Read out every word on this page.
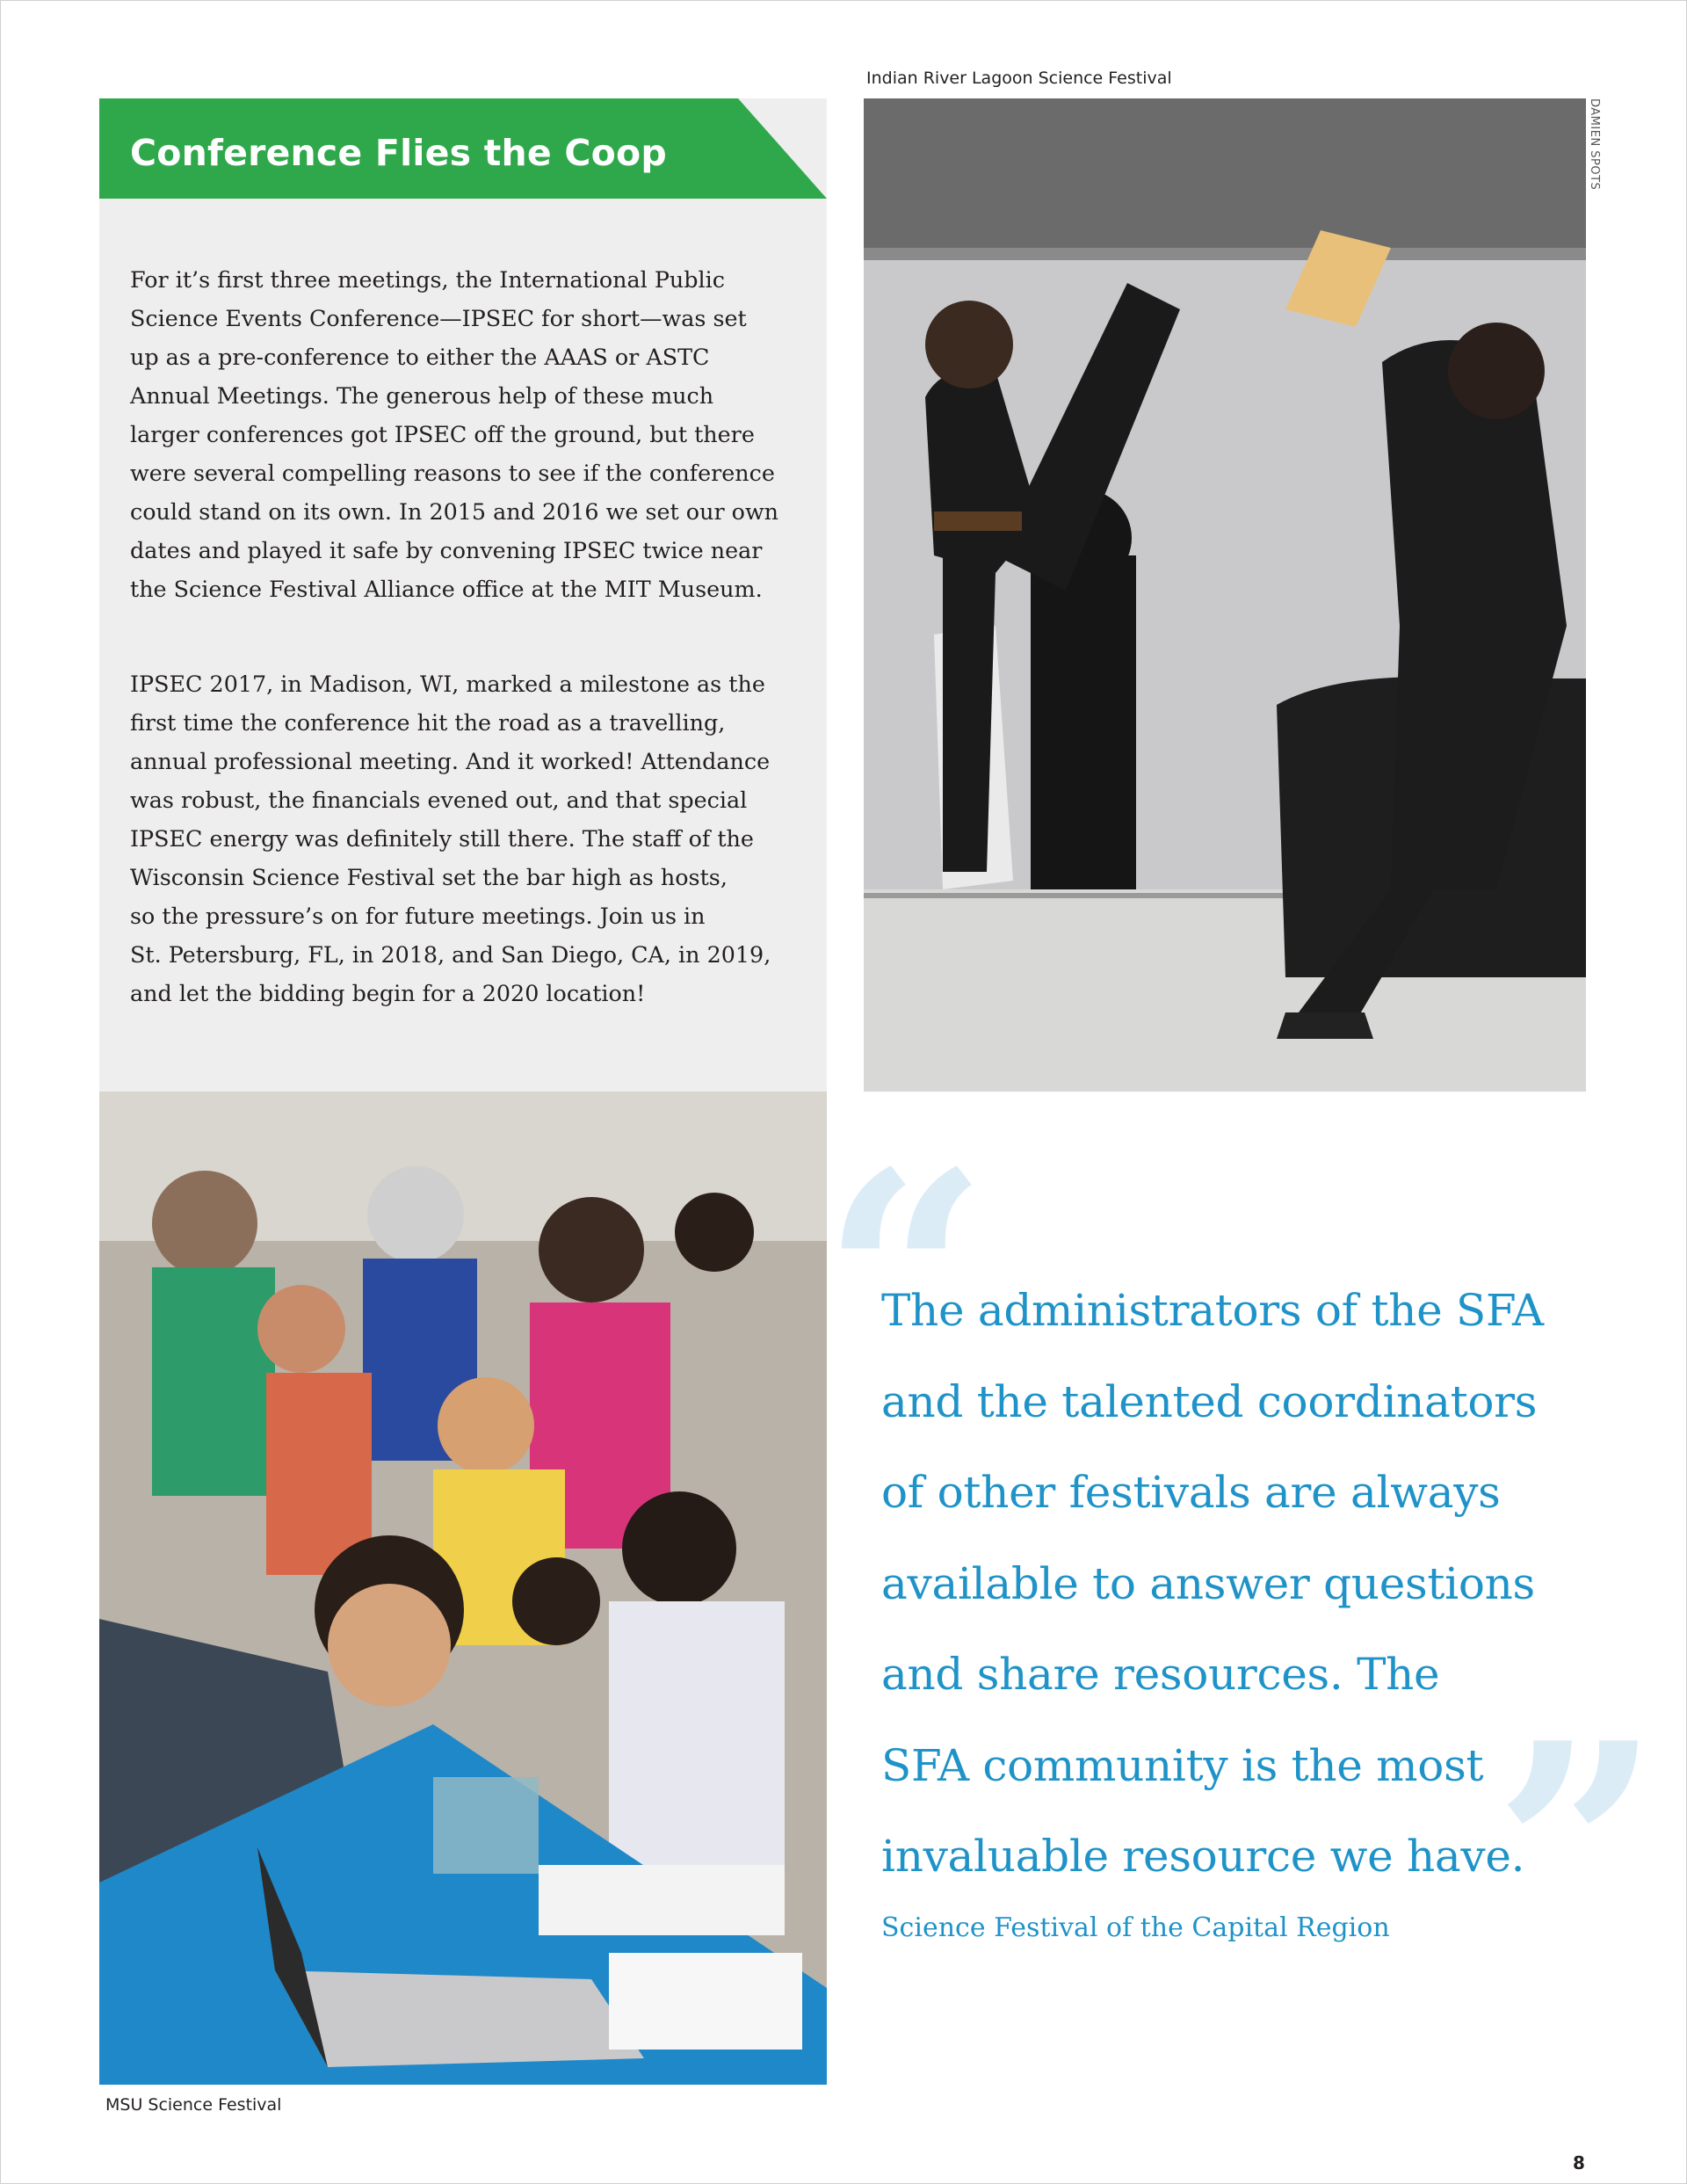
Conference Flies the Coop

For it’s first three meetings, the International Public
Science Events Conference—IPSEC for short—was set
up as a pre-conference to either the AAAS or ASTC
Annual Meetings. The generous help of these much
larger conferences got IPSEC off the ground, but there
were several compelling reasons to see if the conference
could stand on its own. In 2015 and 2016 we set our own
dates and played it safe by convening IPSEC twice near
the Science Festival Alliance office at the MIT Museum.

IPSEC 2017, in Madison, WI, marked a milestone as the
first time the conference hit the road as a travelling,
annual professional meeting. And it worked! Attendance
was robust, the financials evened out, and that special
IPSEC energy was definitely still there. The staff of the
Wisconsin Science Festival set the bar high as hosts,
so the pressure’s on for future meetings. Join us in
St. Petersburg, FL, in 2018, and San Diego, CA, in 2019,
and let the bidding begin for a 2020 location!

Indian River Lagoon Science Festival

DAMIEN SPOTS

MSU Science Festival

“

”

The administrators of the SFA
and the talented coordinators
of other festivals are always
available to answer questions
and share resources. The
SFA community is the most
invaluable resource we have.

Science Festival of the Capital Region

8
